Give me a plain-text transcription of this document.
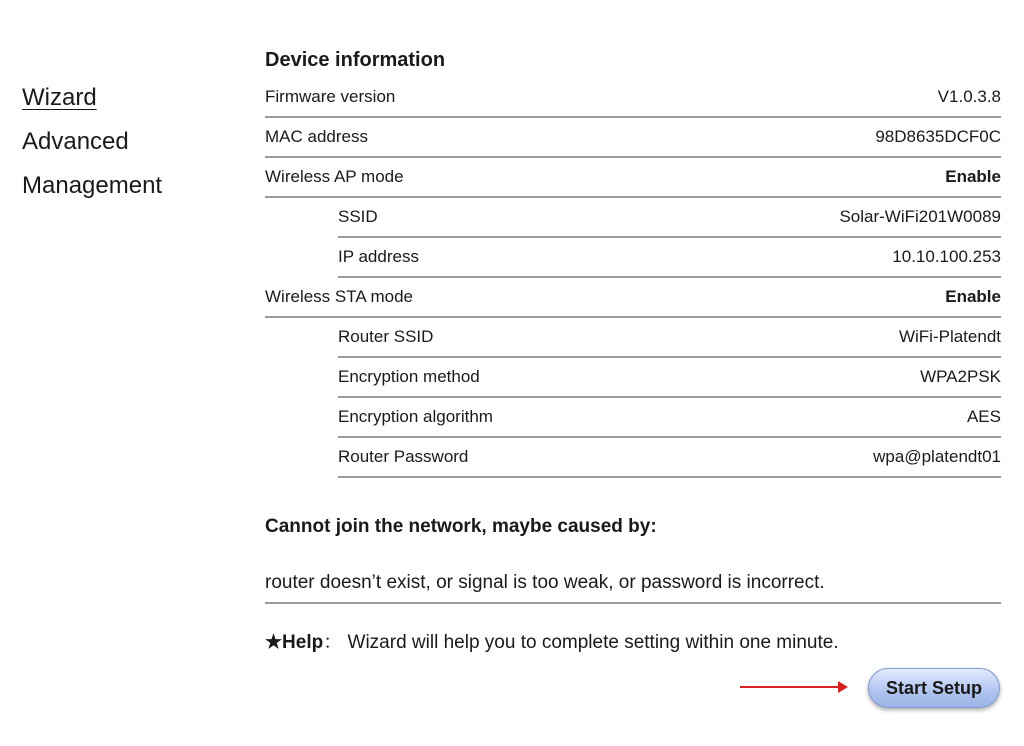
Wizard
Advanced
Management
Device information
Firmware version	V1.0.3.8
MAC address	98D8635DCF0C
Wireless AP mode	Enable
SSID	Solar-WiFi201W0089
IP address	10.10.100.253
Wireless STA mode	Enable
Router SSID	WiFi-Platendt
Encryption method	WPA2PSK
Encryption algorithm	AES
Router Password	wpa@platendt01
Cannot join the network, maybe caused by:
router doesn’t exist, or signal is too weak, or password is incorrect.
★Help： Wizard will help you to complete setting within one minute.
Start Setup
